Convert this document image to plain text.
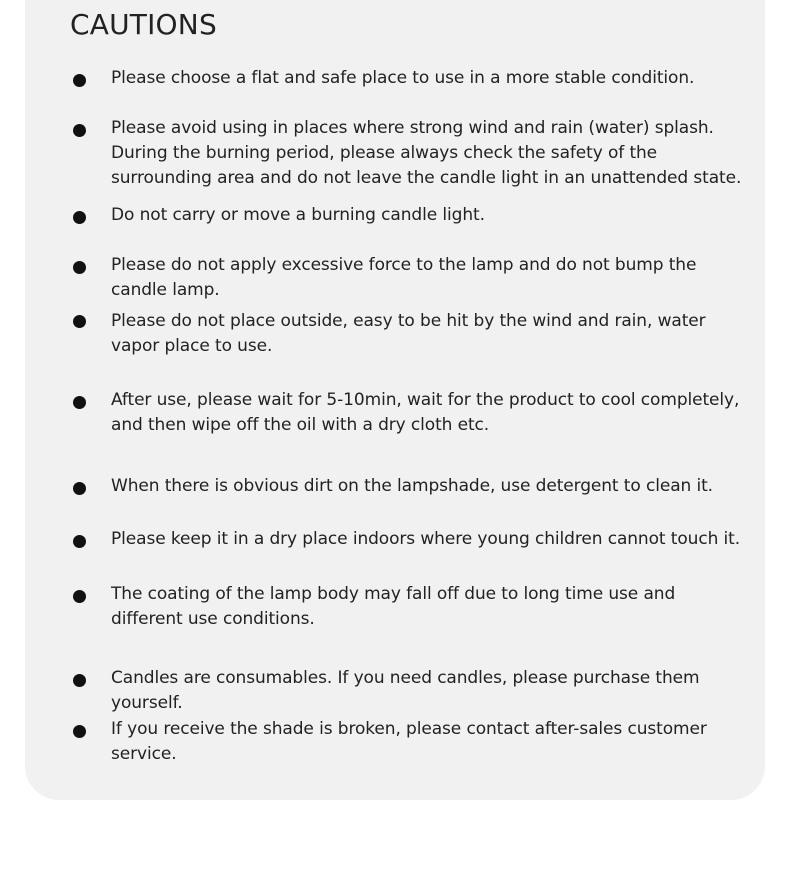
CAUTIONS

Please choose a flat and safe place to use in a more stable condition.

Please avoid using in places where strong wind and rain (water) splash. During the burning period, please always check the safety of the surrounding area and do not leave the candle light in an unattended state.

Do not carry or move a burning candle light.

Please do not apply excessive force to the lamp and do not bump the candle lamp.

Please do not place outside, easy to be hit by the wind and rain, water vapor place to use.

After use, please wait for 5-10min, wait for the product to cool completely, and then wipe off the oil with a dry cloth etc.

When there is obvious dirt on the lampshade, use detergent to clean it.

Please keep it in a dry place indoors where young children cannot touch it.

The coating of the lamp body may fall off due to long time use and different use conditions.

Candles are consumables. If you need candles, please purchase them yourself.

If you receive the shade is broken, please contact after-sales customer service.
